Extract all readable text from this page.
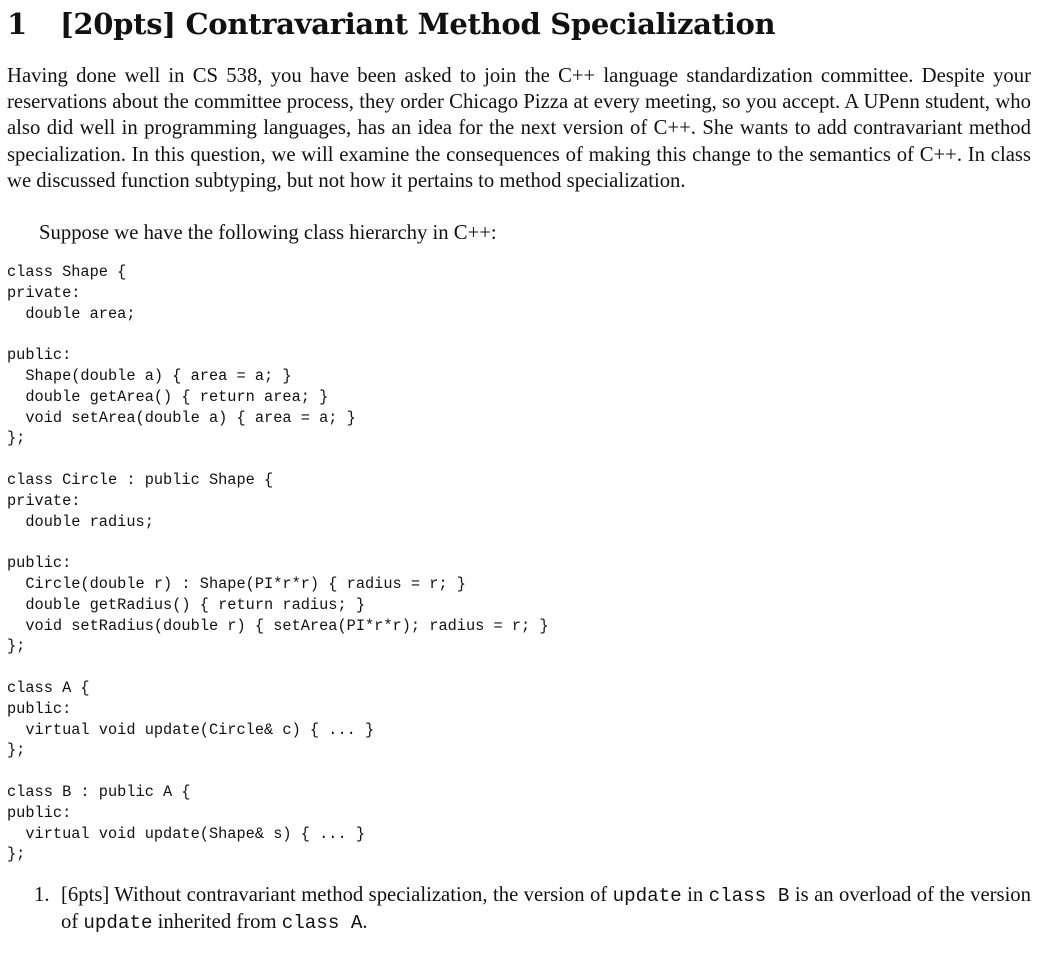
1 [20pts] Contravariant Method Specialization

Having done well in CS 538, you have been asked to join the C++ language standardization committee. Despite your reservations about the committee process, they order Chicago Pizza at every meeting, so you accept. A UPenn student, who also did well in programming languages, has an idea for the next version of C++. She wants to add contravariant method specialization. In this question, we will examine the consequences of making this change to the semantics of C++. In class we discussed function subtyping, but not how it pertains to method specialization.

Suppose we have the following class hierarchy in C++:

class Shape {
private:
double area;

public:
Shape(double a) { area = a; }
double getArea() { return area; }
void setArea(double a) { area = a; }
};

class Circle : public Shape {
private:
double radius;

public:
Circle(double r) : Shape(PI*r*r) { radius = r; }
double getRadius() { return radius; }
void setRadius(double r) { setArea(PI*r*r); radius = r; }
};

class A {
public:
virtual void update(Circle& c) { ... }
};

class B : public A {
public:
virtual void update(Shape& s) { ... }
};
1. [6pts] Without contravariant method specialization, the version of update in class B is an overload of the version of update inherited from class A.
